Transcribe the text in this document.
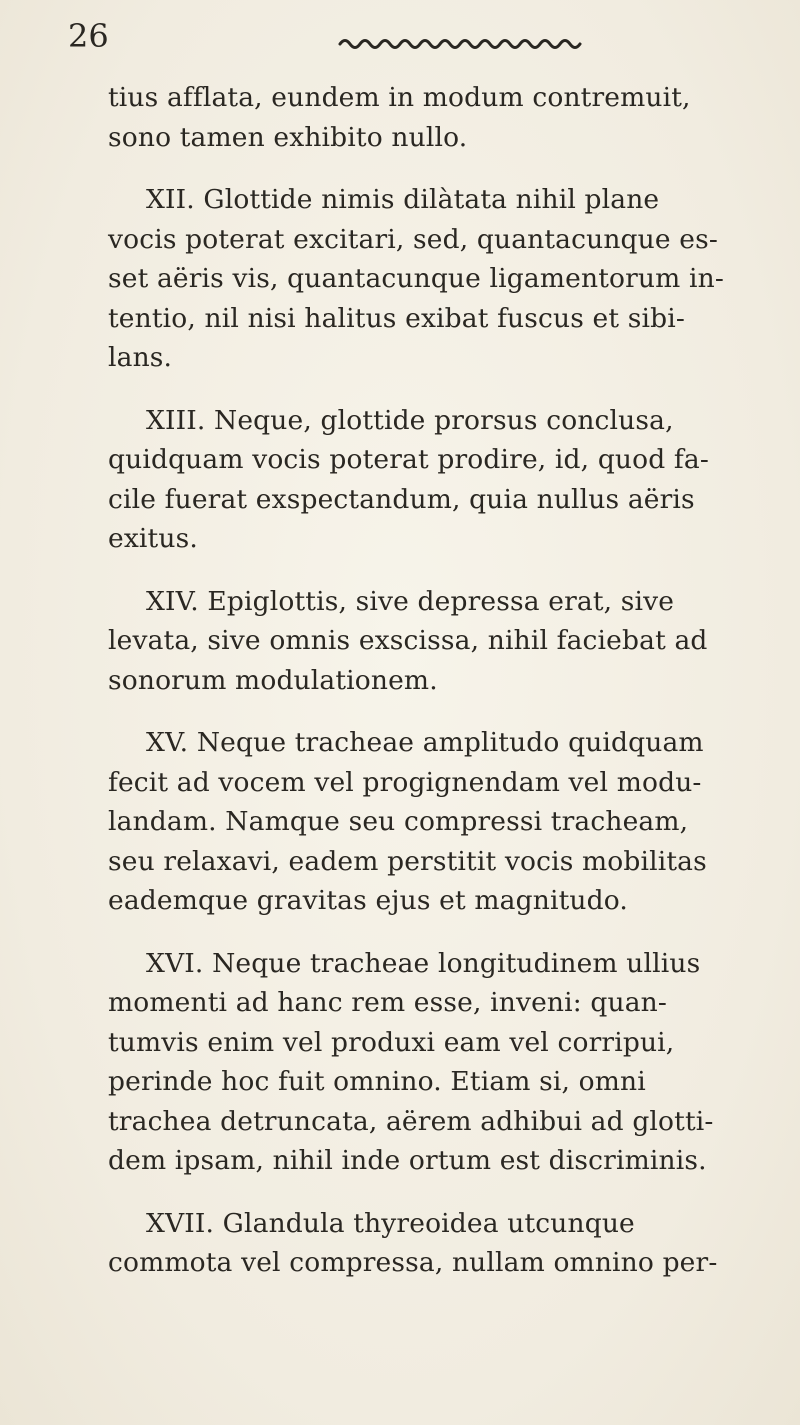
26

tius afflata, eundem in modum contremuit,
sono tamen exhibito nullo.

XII. Glottide nimis dilàtata nihil plane
vocis poterat excitari, sed, quantacunque es-
set aëris vis, quantacunque ligamentorum in-
tentio, nil nisi halitus exibat fuscus et sibi-
lans.

XIII. Neque, glottide prorsus conclusa,
quidquam vocis poterat prodire, id, quod fa-
cile fuerat exspectandum, quia nullus aëris
exitus.

XIV. Epiglottis, sive depressa erat, sive
levata, sive omnis exscissa, nihil faciebat ad
sonorum modulationem.

XV. Neque tracheae amplitudo quidquam
fecit ad vocem vel progignendam vel modu-
landam. Namque seu compressi tracheam,
seu relaxavi, eadem perstitit vocis mobilitas
eademque gravitas ejus et magnitudo.

XVI. Neque tracheae longitudinem ullius
momenti ad hanc rem esse, inveni: quan-
tumvis enim vel produxi eam vel corripui,
perinde hoc fuit omnino. Etiam si, omni
trachea detruncata, aërem adhibui ad glotti-
dem ipsam, nihil inde ortum est discriminis.

XVII. Glandula thyreoidea utcunque
commota vel compressa, nullam omnino per-
